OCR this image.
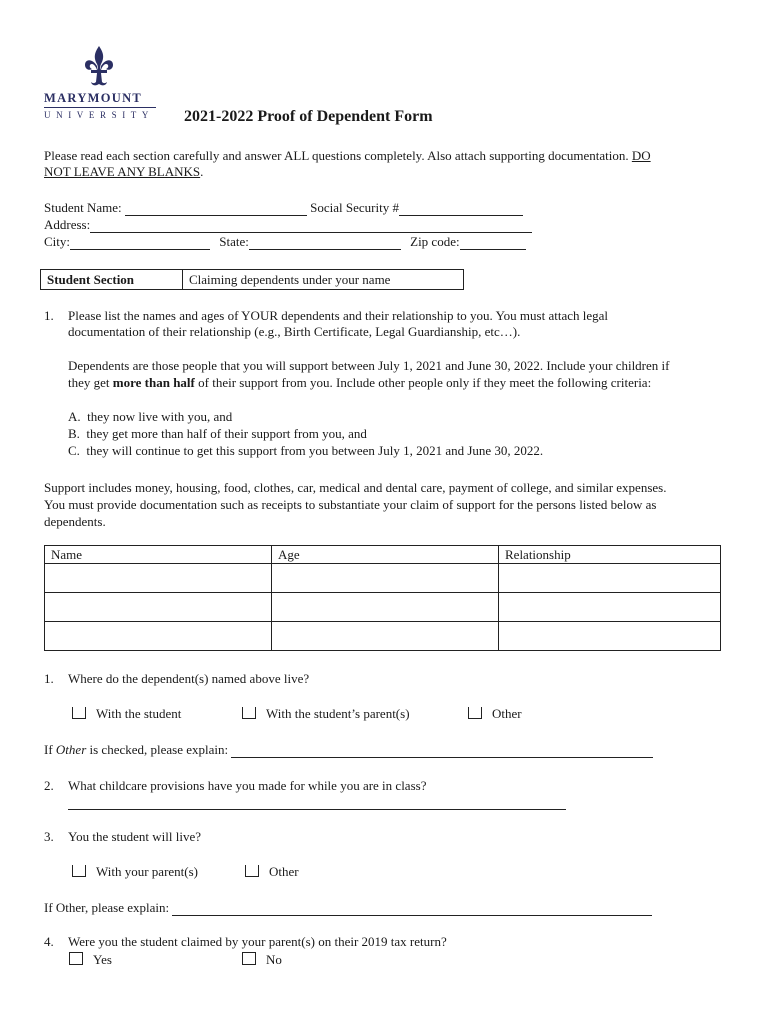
MARYMOUNT
UNIVERSITY 2021-2022 Proof of Dependent Form
Please read each section carefully and answer ALL questions completely. Also attach supporting documentation. DO
NOT LEAVE ANY BLANKS.
Student Name:	Social Security #
Address:
City:	State:	Zip code:
Student Section	Claiming dependents under your name
1. Please list the names and ages of YOUR dependents and their relationship to you. You must attach legal
documentation of their relationship (e.g., Birth Certificate, Legal Guardianship, etc…).
Dependents are those people that you will support between July 1, 2021 and June 30, 2022. Include your children if
they get more than half of their support from you. Include other people only if they meet the following criteria:
A. they now live with you, and
B. they get more than half of their support from you, and
C. they will continue to get this support from you between July 1, 2021 and June 30, 2022.
Support includes money, housing, food, clothes, car, medical and dental care, payment of college, and similar expenses.
You must provide documentation such as receipts to substantiate your claim of support for the persons listed below as
dependents.
Name	Age	Relationship

1. Where do the dependent(s) named above live?
With the student	With the student’s parent(s)	Other
If Other is checked, please explain:
2. What childcare provisions have you made for while you are in class?
3. You the student will live?
With your parent(s)	Other
If Other, please explain:
4. Were you the student claimed by your parent(s) on their 2019 tax return?
Yes	No
